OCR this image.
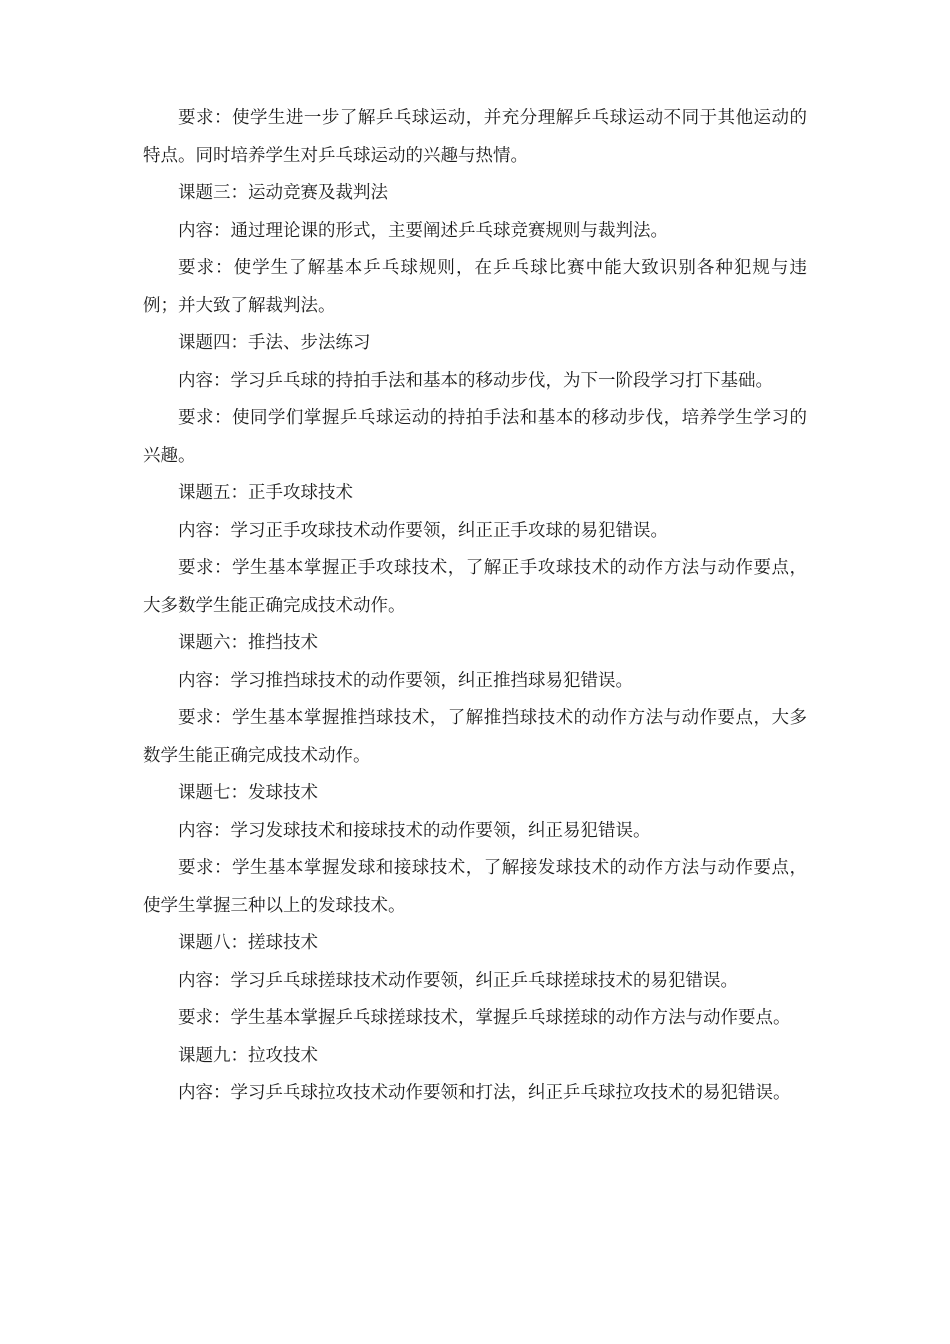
要求：使学生进一步了解乒乓球运动，并充分理解乒乓球运动不同于其他运动的特点。同时培养学生对乒乓球运动的兴趣与热情。

课题三：运动竞赛及裁判法

内容：通过理论课的形式，主要阐述乒乓球竞赛规则与裁判法。

要求：使学生了解基本乒乓球规则，在乒乓球比赛中能大致识别各种犯规与违例；并大致了解裁判法。

课题四：手法、步法练习

内容：学习乒乓球的持拍手法和基本的移动步伐，为下一阶段学习打下基础。

要求：使同学们掌握乒乓球运动的持拍手法和基本的移动步伐，培养学生学习的兴趣。

课题五：正手攻球技术

内容：学习正手攻球技术动作要领，纠正正手攻球的易犯错误。

要求：学生基本掌握正手攻球技术，了解正手攻球技术的动作方法与动作要点，大多数学生能正确完成技术动作。

课题六：推挡技术

内容：学习推挡球技术的动作要领，纠正推挡球易犯错误。

要求：学生基本掌握推挡球技术，了解推挡球技术的动作方法与动作要点，大多数学生能正确完成技术动作。

课题七：发球技术

内容：学习发球技术和接球技术的动作要领，纠正易犯错误。

要求：学生基本掌握发球和接球技术，了解接发球技术的动作方法与动作要点，使学生掌握三种以上的发球技术。

课题八：搓球技术

内容：学习乒乓球搓球技术动作要领，纠正乒乓球搓球技术的易犯错误。

要求：学生基本掌握乒乓球搓球技术，掌握乒乓球搓球的动作方法与动作要点。

课题九：拉攻技术

内容：学习乒乓球拉攻技术动作要领和打法，纠正乒乓球拉攻技术的易犯错误。
